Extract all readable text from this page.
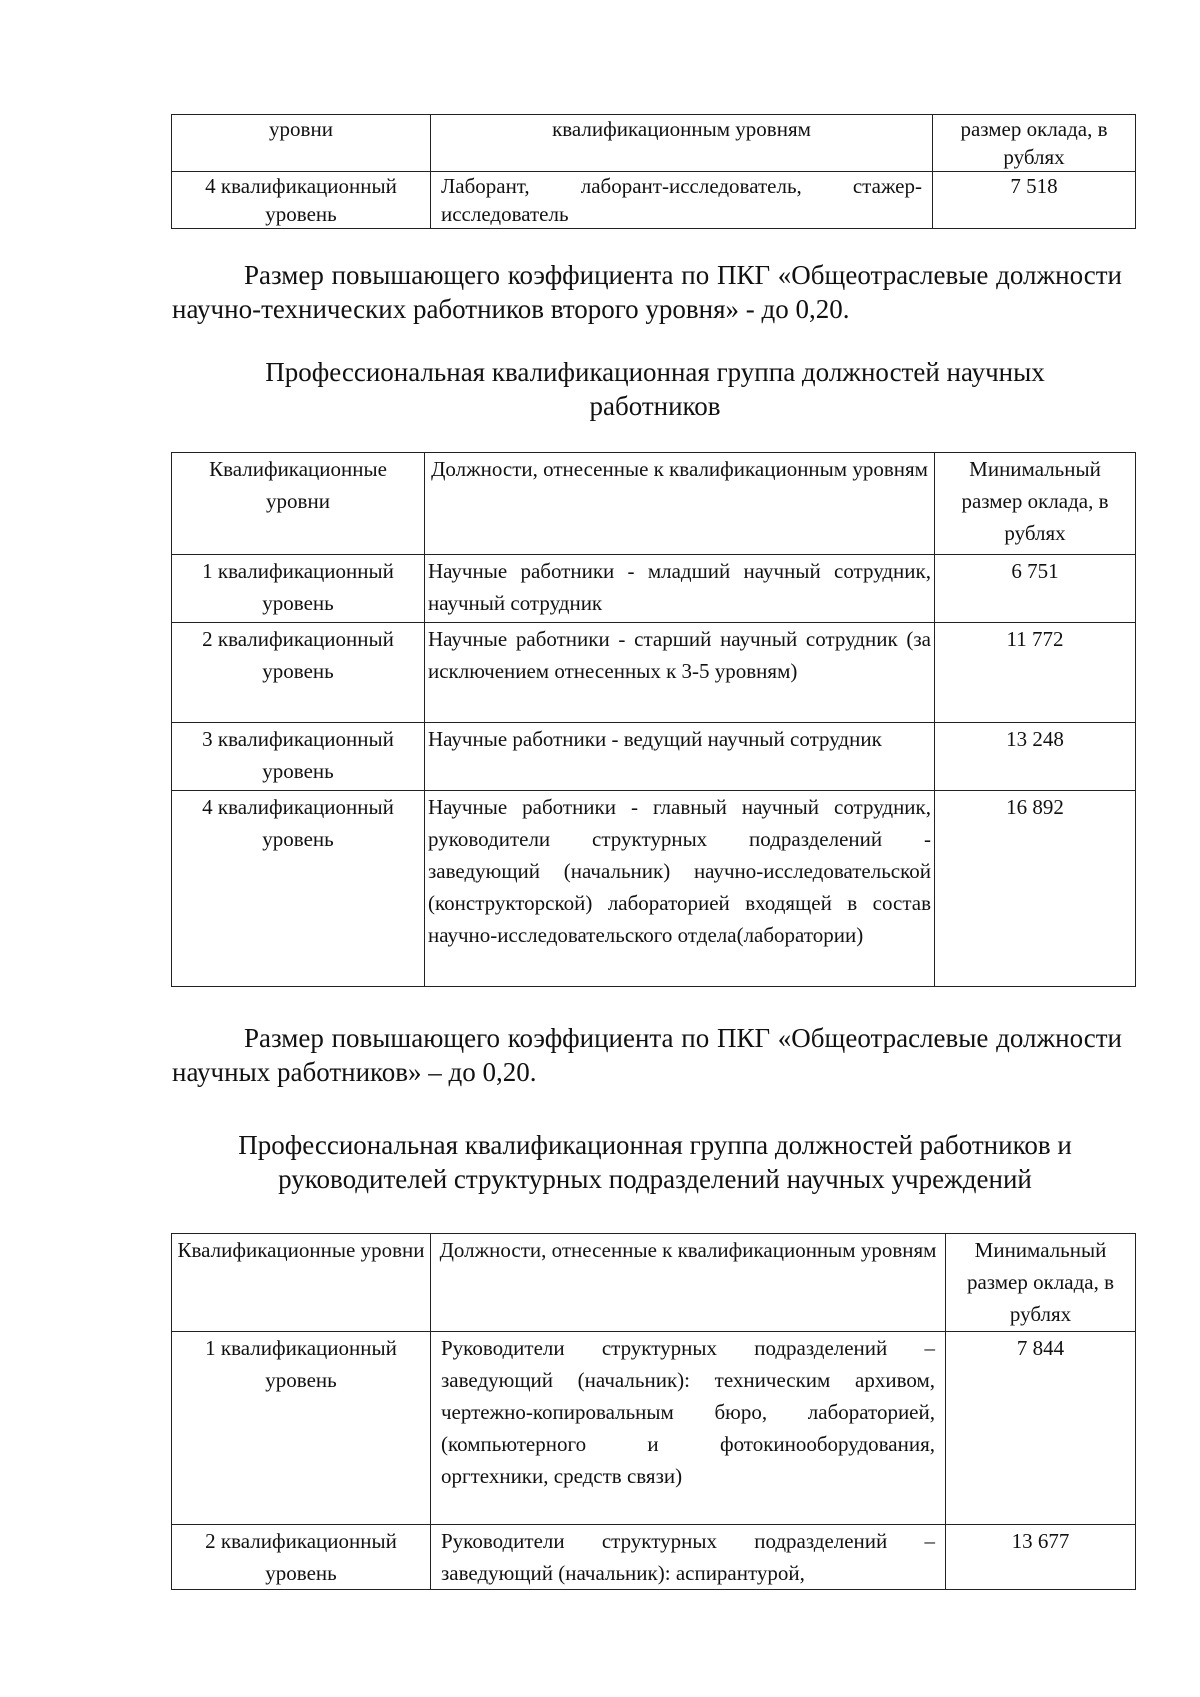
уровни	квалификационным уровням	размер оклада, в рублях
4 квалификационный уровень	Лаборант, лаборант-исследователь, стажер-исследователь	7 518
Размер повышающего коэффициента по ПКГ «Общеотраслевые должности научно-технических работников второго уровня» - до 0,20.
Профессиональная квалификационная группа должностей научных работников
Квалификационные уровни	Должности, отнесенные к квалификационным уровням	Минимальный размер оклада, в рублях
1 квалификационный уровень	Научные работники - младший научный сотрудник, научный сотрудник	6 751
2 квалификационный уровень	Научные работники - старший научный сотрудник (за исключением отнесенных к 3-5 уровням)	11 772
3 квалификационный уровень	Научные работники - ведущий научный сотрудник	13 248
4 квалификационный уровень	Научные работники - главный научный сотрудник, руководители структурных подразделений - заведующий (начальник) научно-исследовательской (конструкторской) лабораторией входящей в состав научно-исследовательского отдела(лаборатории)	16 892
Размер повышающего коэффициента по ПКГ «Общеотраслевые должности научных работников» – до 0,20.
Профессиональная квалификационная группа должностей работников и руководителей структурных подразделений научных учреждений
Квалификационные уровни	Должности, отнесенные к квалификационным уровням	Минимальный размер оклада, в рублях
1 квалификационный уровень	Руководители структурных подразделений – заведующий (начальник): техническим архивом, чертежно-копировальным бюро, лабораторией, (компьютерного и фотокинооборудования, оргтехники, средств связи)	7 844
2 квалификационный уровень	Руководители структурных подразделений – заведующий (начальник): аспирантурой,	13 677
